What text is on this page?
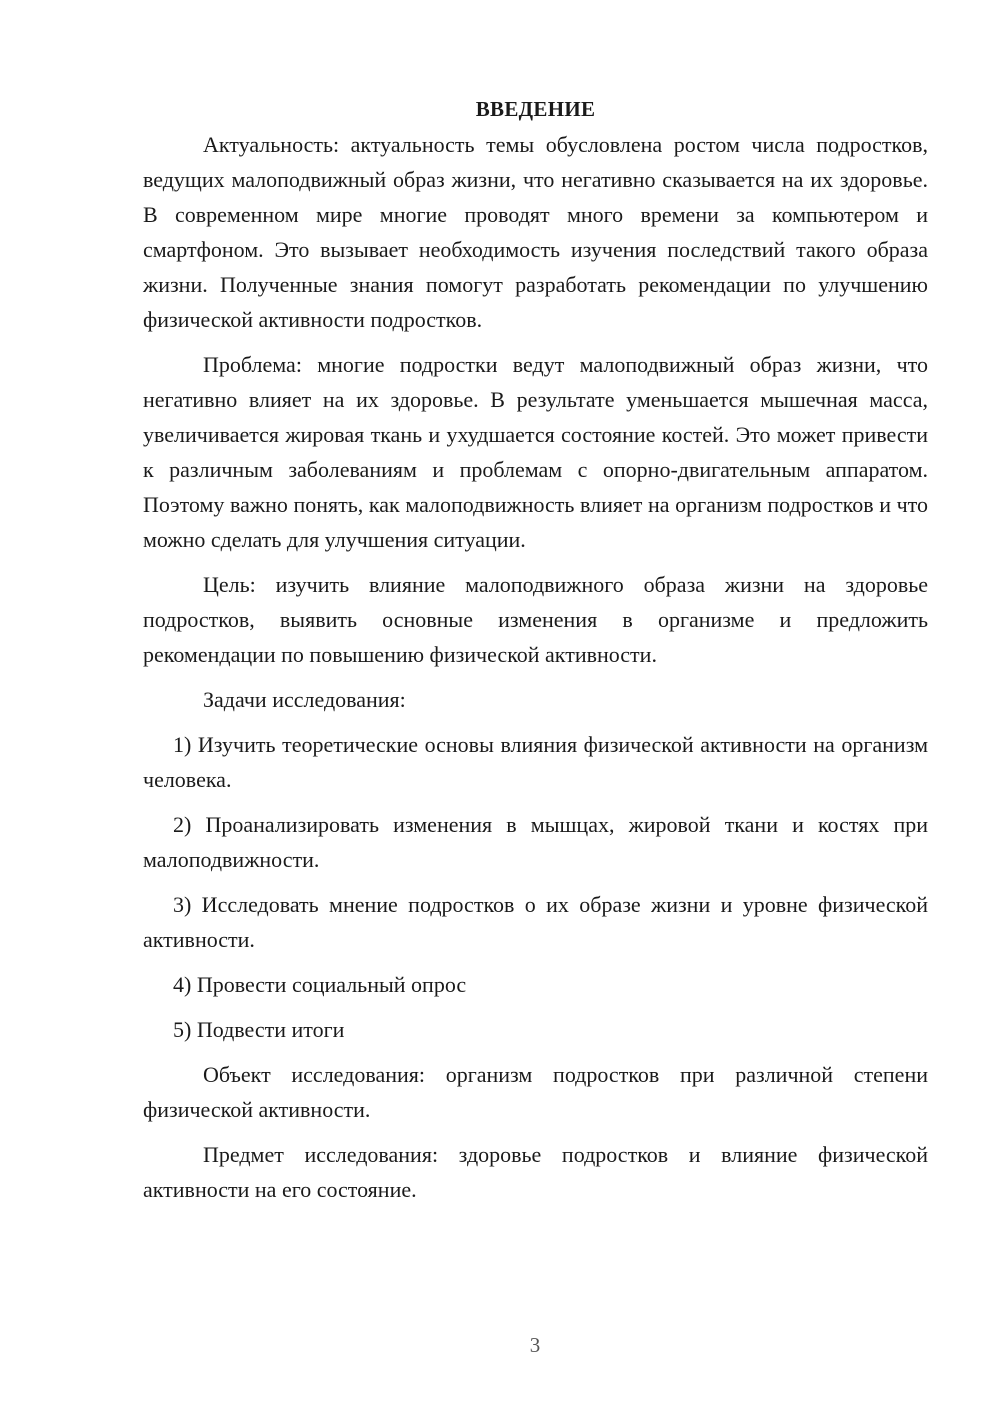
ВВЕДЕНИЕ

Актуальность: актуальность темы обусловлена ростом числа подростков, ведущих малоподвижный образ жизни, что негативно сказывается на их здоровье. В современном мире многие проводят много времени за компьютером и смартфоном. Это вызывает необходимость изучения последствий такого образа жизни. Полученные знания помогут разработать рекомендации по улучшению физической активности подростков.

Проблема: многие подростки ведут малоподвижный образ жизни, что негативно влияет на их здоровье. В результате уменьшается мышечная масса, увеличивается жировая ткань и ухудшается состояние костей. Это может привести к различным заболеваниям и проблемам с опорно-двигательным аппаратом. Поэтому важно понять, как малоподвижность влияет на организм подростков и что можно сделать для улучшения ситуации.

Цель: изучить влияние малоподвижного образа жизни на здоровье подростков, выявить основные изменения в организме и предложить рекомендации по повышению физической активности.

Задачи исследования:

1) Изучить теоретические основы влияния физической активности на организм человека.

2) Проанализировать изменения в мышцах, жировой ткани и костях при малоподвижности.

3) Исследовать мнение подростков о их образе жизни и уровне физической активности.

4) Провести социальный опрос

5) Подвести итоги

Объект исследования: организм подростков при различной степени физической активности.

Предмет исследования: здоровье подростков и влияние физической активности на его состояние.

3
